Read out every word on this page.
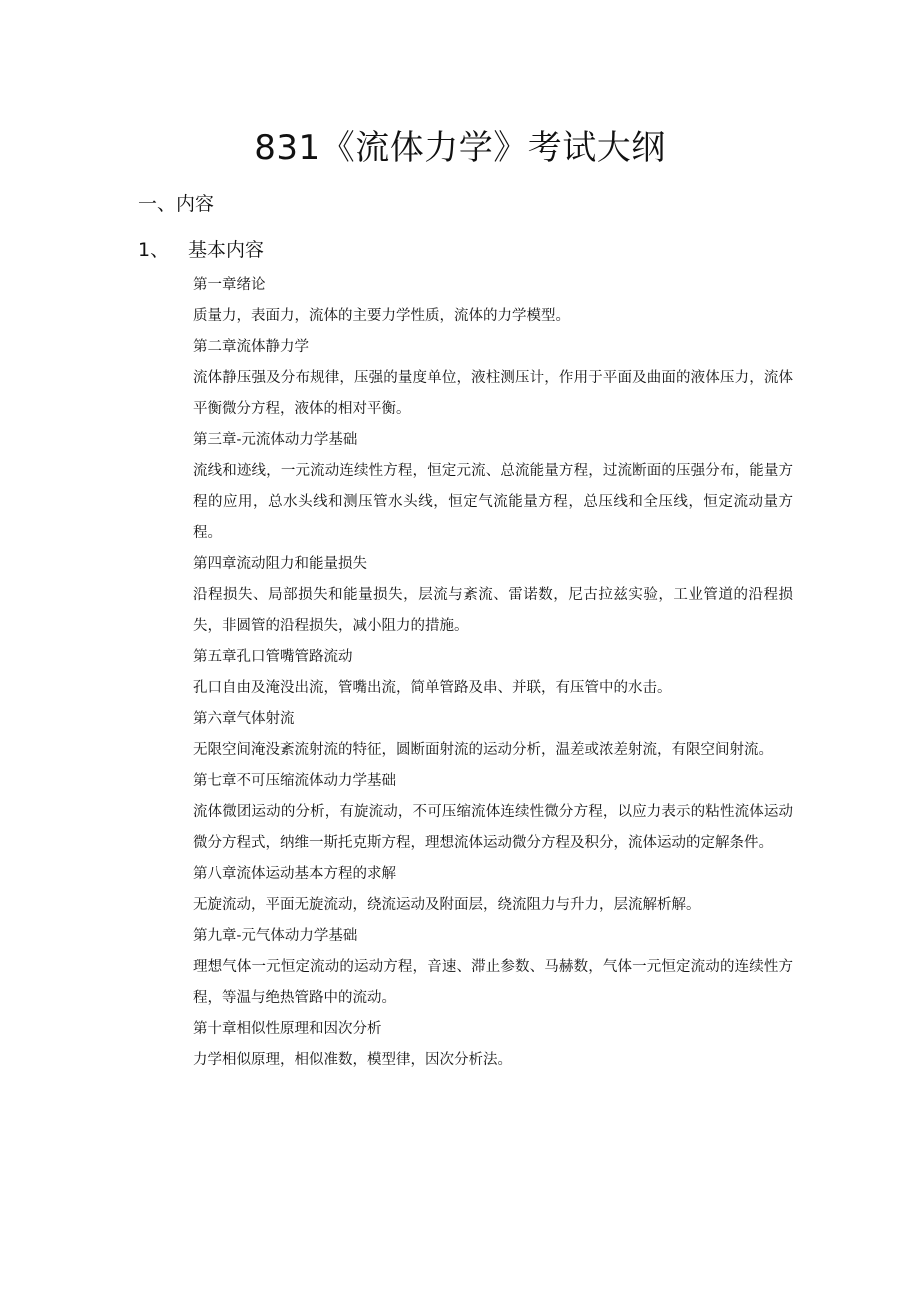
831《流体力学》考试大纲
一、内容
1、 基本内容

第一章绪论

质量力，表面力，流体的主要力学性质，流体的力学模型。

第二章流体静力学

流体静压强及分布规律，压强的量度单位，液柱测压计，作用于平面及曲面的液体压力，流体平衡微分方程，液体的相对平衡。

第三章-元流体动力学基础

流线和迹线，一元流动连续性方程，恒定元流、总流能量方程，过流断面的压强分布，能量方程的应用，总水头线和测压管水头线，恒定气流能量方程，总压线和全压线，恒定流动量方程。

第四章流动阻力和能量损失

沿程损失、局部损失和能量损失，层流与紊流、雷诺数，尼古拉兹实验，工业管道的沿程损失，非圆管的沿程损失，减小阻力的措施。

第五章孔口管嘴管路流动

孔口自由及淹没出流，管嘴出流，简单管路及串、并联，有压管中的水击。

第六章气体射流

无限空间淹没紊流射流的特征，圆断面射流的运动分析，温差或浓差射流，有限空间射流。

第七章不可压缩流体动力学基础

流体微团运动的分析，有旋流动，不可压缩流体连续性微分方程，以应力表示的粘性流体运动微分方程式，纳维一斯托克斯方程，理想流体运动微分方程及积分，流体运动的定解条件。

第八章流体运动基本方程的求解

无旋流动，平面无旋流动，绕流运动及附面层，绕流阻力与升力，层流解析解。

第九章-元气体动力学基础

理想气体一元恒定流动的运动方程，音速、滞止参数、马赫数，气体一元恒定流动的连续性方程，等温与绝热管路中的流动。

第十章相似性原理和因次分析

力学相似原理，相似准数，模型律，因次分析法。
